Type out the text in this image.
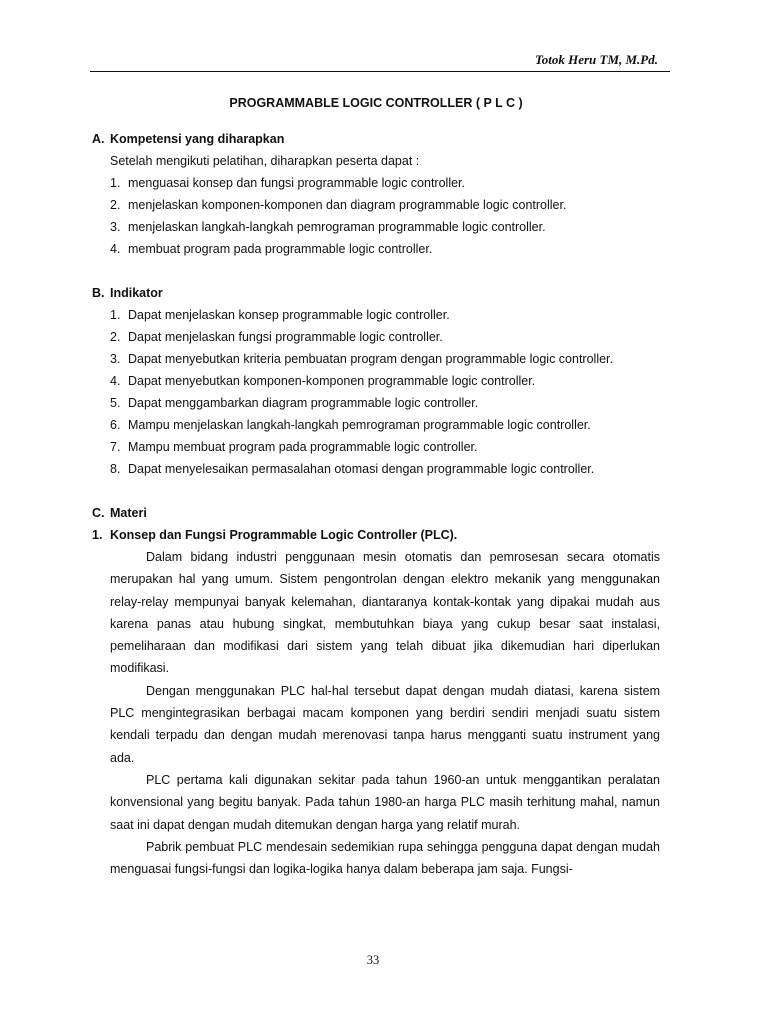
Totok Heru TM, M.Pd.
PROGRAMMABLE LOGIC CONTROLLER ( P L C )
A. Kompetensi yang diharapkan
Setelah mengikuti pelatihan, diharapkan peserta dapat :
1. menguasai konsep dan fungsi programmable logic controller.
2. menjelaskan komponen-komponen dan diagram programmable logic controller.
3. menjelaskan langkah-langkah pemrograman programmable logic controller.
4. membuat program pada programmable logic controller.
B. Indikator
1. Dapat menjelaskan konsep programmable logic controller.
2. Dapat menjelaskan fungsi programmable logic controller.
3. Dapat menyebutkan kriteria pembuatan program dengan programmable logic controller.
4. Dapat menyebutkan komponen-komponen programmable logic controller.
5. Dapat menggambarkan diagram programmable logic controller.
6. Mampu menjelaskan langkah-langkah pemrograman programmable logic controller.
7. Mampu membuat program pada programmable logic controller.
8. Dapat menyelesaikan permasalahan otomasi dengan programmable logic controller.
C. Materi
1. Konsep dan Fungsi Programmable Logic Controller (PLC).

Dalam bidang industri penggunaan mesin otomatis dan pemrosesan secara otomatis merupakan hal yang umum. Sistem pengontrolan dengan elektro mekanik yang menggunakan relay-relay mempunyai banyak kelemahan, diantaranya kontak-kontak yang dipakai mudah aus karena panas atau hubung singkat, membutuhkan biaya yang cukup besar saat instalasi, pemeliharaan dan modifikasi dari sistem yang telah dibuat jika dikemudian hari diperlukan modifikasi.

Dengan menggunakan PLC hal-hal tersebut dapat dengan mudah diatasi, karena sistem PLC mengintegrasikan berbagai macam komponen yang berdiri sendiri menjadi suatu sistem kendali terpadu dan dengan mudah merenovasi tanpa harus mengganti suatu instrument yang ada.

PLC pertama kali digunakan sekitar pada tahun 1960-an untuk menggantikan peralatan konvensional yang begitu banyak. Pada tahun 1980-an harga PLC masih terhitung mahal, namun saat ini dapat dengan mudah ditemukan dengan harga yang relatif murah.

Pabrik pembuat PLC mendesain sedemikian rupa sehingga pengguna dapat dengan mudah menguasai fungsi-fungsi dan logika-logika hanya dalam beberapa jam saja. Fungsi-

33
